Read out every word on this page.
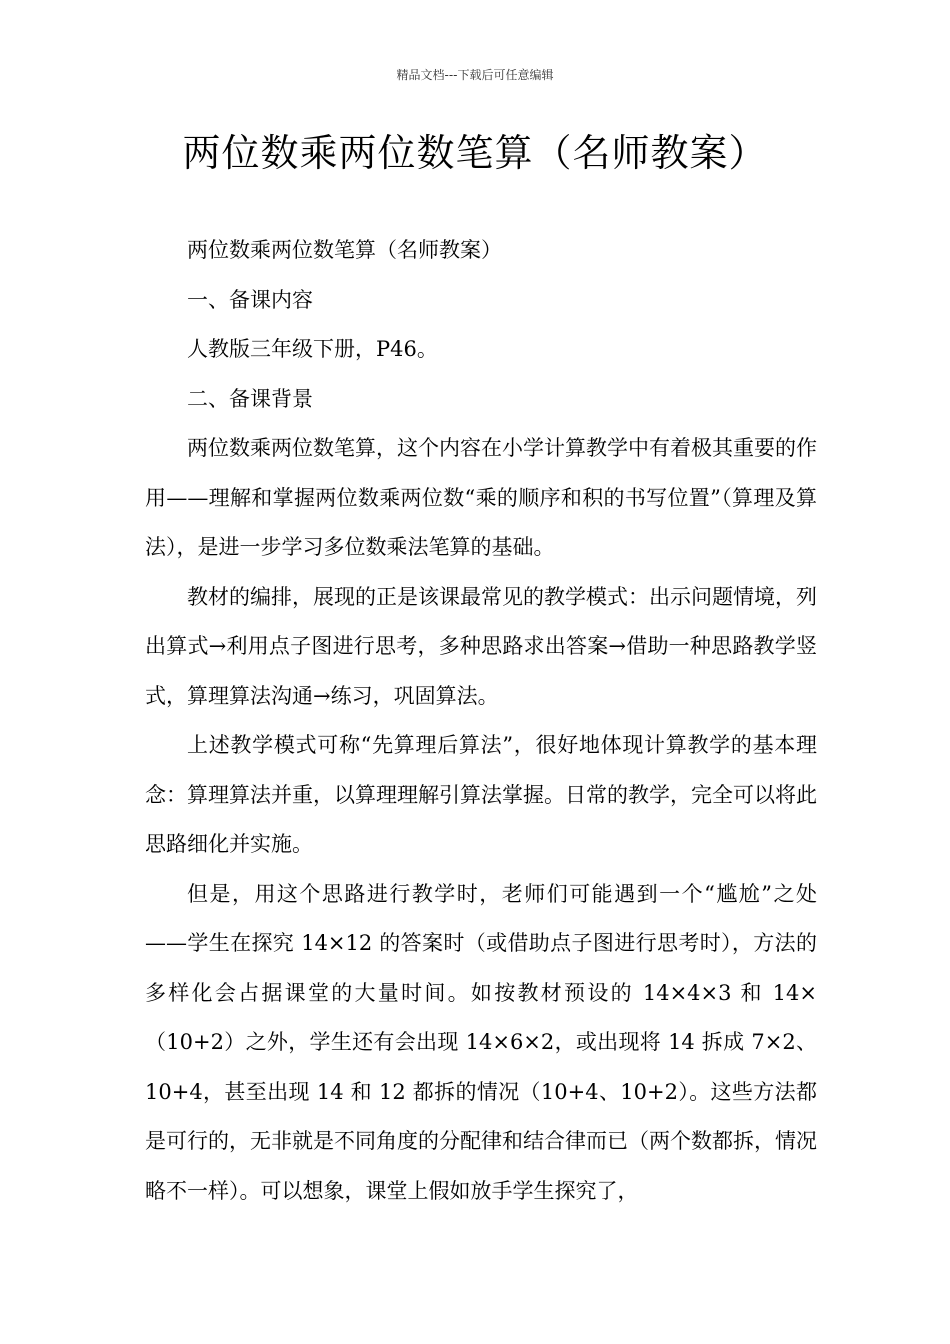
精品文档---下载后可任意编辑
两位数乘两位数笔算（名师教案）

两位数乘两位数笔算（名师教案）

一、备课内容

人教版三年级下册，P46。

二、备课背景

两位数乘两位数笔算，这个内容在小学计算教学中有着极其重要的作用——理解和掌握两位数乘两位数“乘的顺序和积的书写位置”（算理及算法），是进一步学习多位数乘法笔算的基础。

教材的编排，展现的正是该课最常见的教学模式：出示问题情境，列出算式→利用点子图进行思考，多种思路求出答案→借助一种思路教学竖式，算理算法沟通→练习，巩固算法。

上述教学模式可称“先算理后算法”，很好地体现计算教学的基本理念：算理算法并重，以算理理解引算法掌握。日常的教学，完全可以将此思路细化并实施。

但是，用这个思路进行教学时，老师们可能遇到一个“尴尬”之处——学生在探究 14×12 的答案时（或借助点子图进行思考时），方法的多样化会占据课堂的大量时间。如按教材预设的 14×4×3 和 14×（10+2）之外，学生还有会出现 14×6×2，或出现将 14 拆成 7×2、10+4，甚至出现 14 和 12 都拆的情况（10+4、10+2）。这些方法都是可行的，无非就是不同角度的分配律和结合律而已（两个数都拆，情况略不一样）。可以想象，课堂上假如放手学生探究了，
